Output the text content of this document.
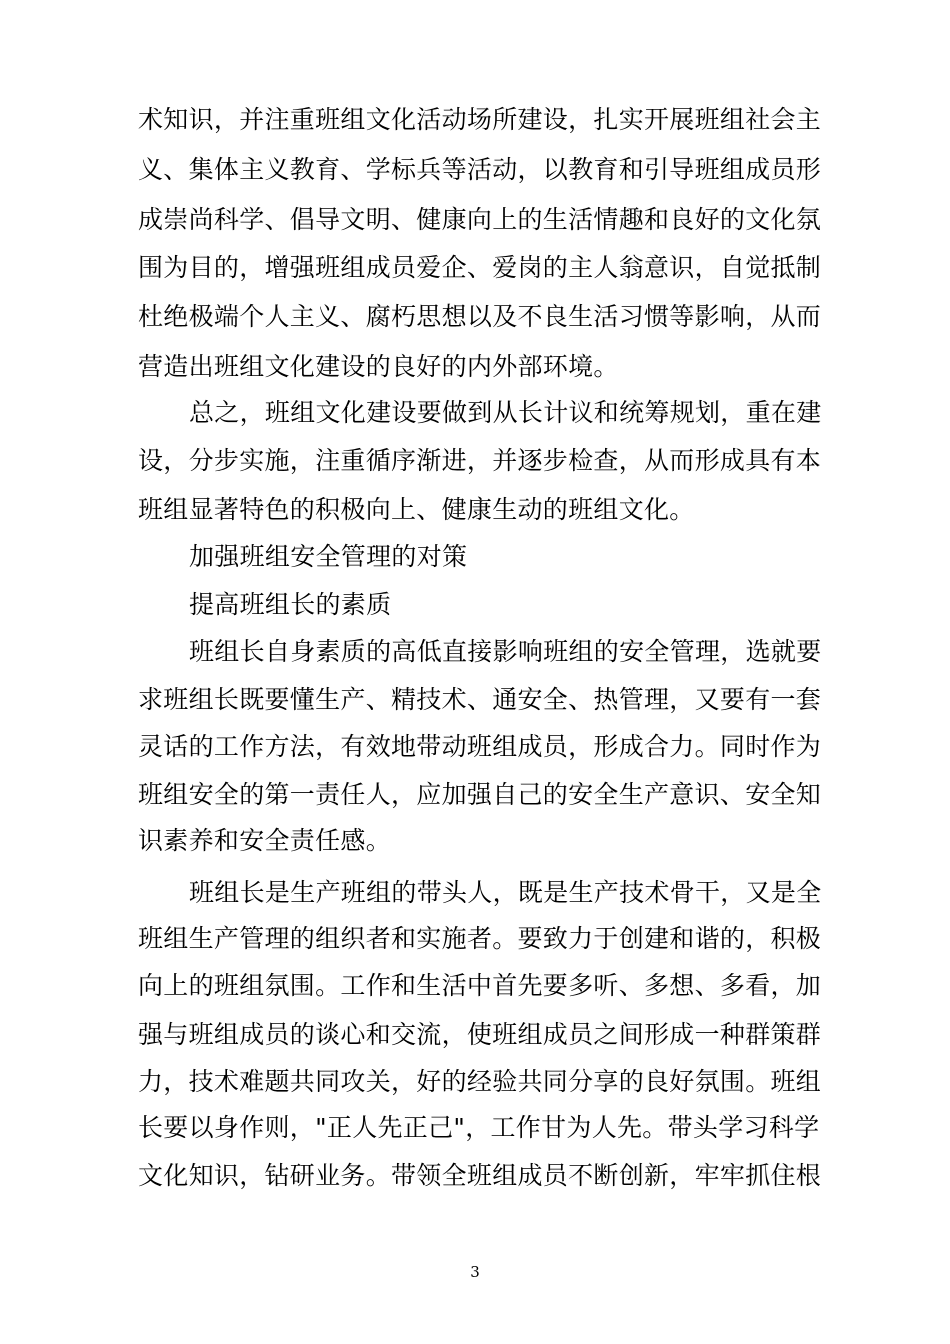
术知识，并注重班组文化活动场所建设，扎实开展班组社会主
义、集体主义教育、学标兵等活动，以教育和引导班组成员形
成崇尚科学、倡导文明、健康向上的生活情趣和良好的文化氛
围为目的，增强班组成员爱企、爱岗的主人翁意识，自觉抵制
杜绝极端个人主义、腐朽思想以及不良生活习惯等影响，从而
营造出班组文化建设的良好的内外部环境。
总之，班组文化建设要做到从长计议和统筹规划，重在建
设，分步实施，注重循序渐进，并逐步检查，从而形成具有本
班组显著特色的积极向上、健康生动的班组文化。
加强班组安全管理的对策
提高班组长的素质
班组长自身素质的高低直接影响班组的安全管理，选就要
求班组长既要懂生产、精技术、通安全、热管理，又要有一套
灵话的工作方法，有效地带动班组成员，形成合力。同时作为
班组安全的第一责任人，应加强自己的安全生产意识、安全知
识素养和安全责任感。
班组长是生产班组的带头人，既是生产技术骨干，又是全
班组生产管理的组织者和实施者。要致力于创建和谐的，积极
向上的班组氛围。工作和生活中首先要多听、多想、多看，加
强与班组成员的谈心和交流，使班组成员之间形成一种群策群
力，技术难题共同攻关，好的经验共同分享的良好氛围。班组
长要以身作则，"正人先正己"，工作甘为人先。带头学习科学
文化知识，钻研业务。带领全班组成员不断创新，牢牢抓住根
3
